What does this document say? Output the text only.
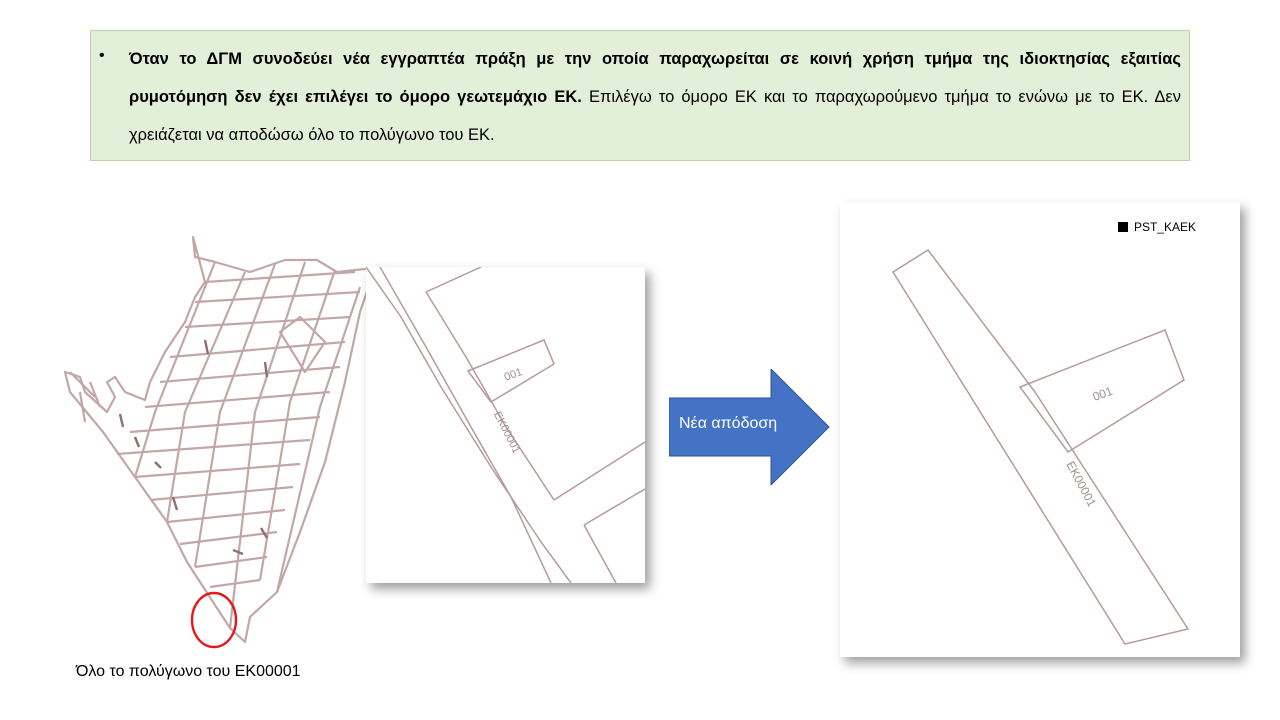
• Όταν το ΔΓΜ συνοδεύει νέα εγγραπτέα πράξη με την οποία παραχωρείται σε κοινή χρήση τμήμα της ιδιοκτησίας εξαιτίας ρυμοτόμηση δεν έχει επιλέγει το όμορο γεωτεμάχιο ΕΚ. Επιλέγω το όμορο ΕΚ και το παραχωρούμενο τμήμα το ενώνω με το ΕΚ. Δεν χρειάζεται να αποδώσω όλο το πολύγωνο του ΕΚ.
001
ΕΚ00001	Νέα απόδοση
001
ΕΚ00001
PST_KAEK
Όλο το πολύγωνο του ΕΚ00001
